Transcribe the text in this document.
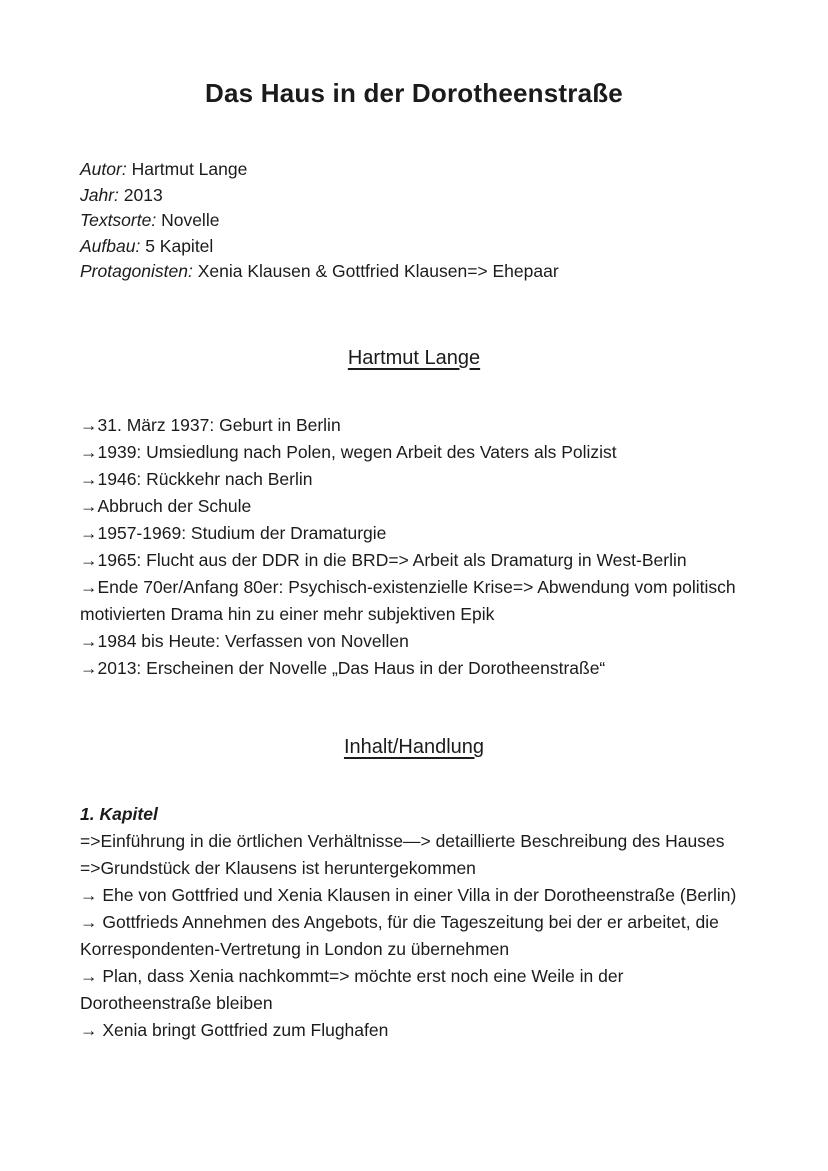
Das Haus in der Dorotheenstraße

Autor: Hartmut Lange

Jahr: 2013

Textsorte: Novelle

Aufbau: 5 Kapitel

Protagonisten: Xenia Klausen & Gottfried Klausen=> Ehepaar

Hartmut Lange

→31. März 1937: Geburt in Berlin

→1939: Umsiedlung nach Polen, wegen Arbeit des Vaters als Polizist

→1946: Rückkehr nach Berlin

→Abbruch der Schule

→1957-1969: Studium der Dramaturgie

→1965: Flucht aus der DDR in die BRD=> Arbeit als Dramaturg in West-Berlin

→Ende 70er/Anfang 80er: Psychisch-existenzielle Krise=> Abwendung vom politisch motivierten Drama hin zu einer mehr subjektiven Epik

→1984 bis Heute: Verfassen von Novellen

→2013: Erscheinen der Novelle „Das Haus in der Dorotheenstraße“

Inhalt/Handlung

1. Kapitel

=>Einführung in die örtlichen Verhältnisse—> detaillierte Beschreibung des Hauses

=>Grundstück der Klausens ist heruntergekommen

→ Ehe von Gottfried und Xenia Klausen in einer Villa in der Dorotheenstraße (Berlin)

→ Gottfrieds Annehmen des Angebots, für die Tageszeitung bei der er arbeitet, die Korrespondenten-Vertretung in London zu übernehmen

→ Plan, dass Xenia nachkommt=> möchte erst noch eine Weile in der Dorotheenstraße bleiben

→ Xenia bringt Gottfried zum Flughafen
